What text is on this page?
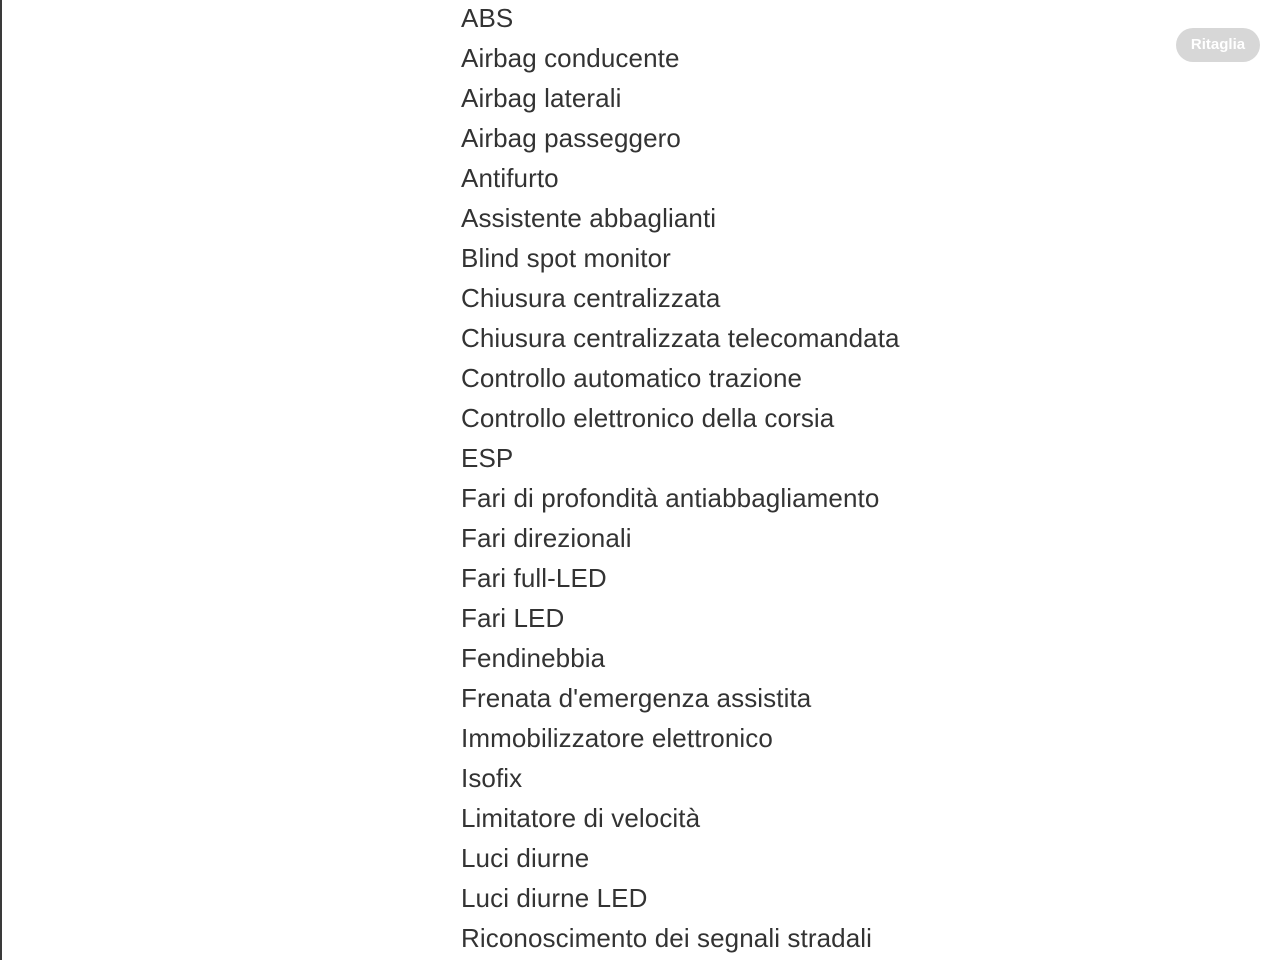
ABS
Airbag conducente
Airbag laterali
Airbag passeggero
Antifurto
Assistente abbaglianti
Blind spot monitor
Chiusura centralizzata
Chiusura centralizzata telecomandata
Controllo automatico trazione
Controllo elettronico della corsia
ESP
Fari di profondità antiabbagliamento
Fari direzionali
Fari full-LED
Fari LED
Fendinebbia
Frenata d'emergenza assistita
Immobilizzatore elettronico
Isofix
Limitatore di velocità
Luci diurne
Luci diurne LED
Riconoscimento dei segnali stradali
Ritaglia
